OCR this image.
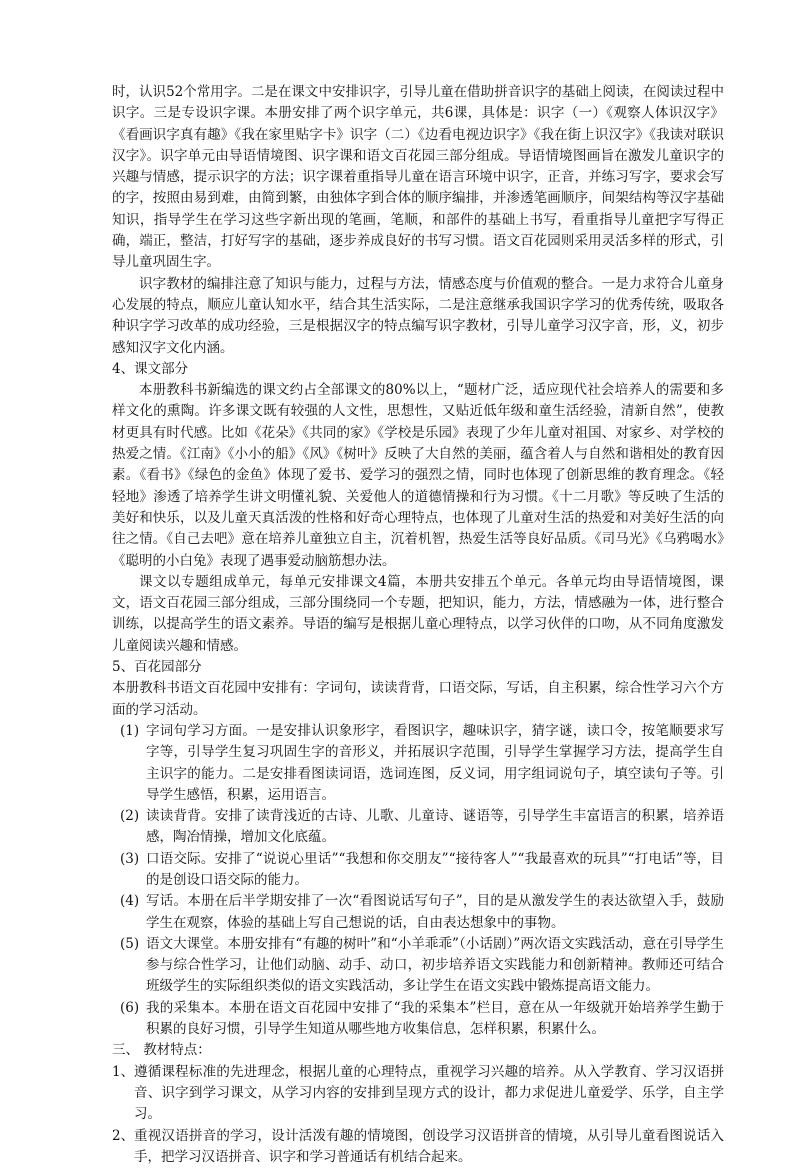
时，认识52个常用字。二是在课文中安排识字，引导儿童在借助拼音识字的基础上阅读，在阅读过程中识字。三是专设识字课。本册安排了两个识字单元，共6课，具体是：识字（一）《观察人体识汉字》《看画识字真有趣》《我在家里贴字卡》识字（二）《边看电视边识字》《我在街上识汉字》《我读对联识汉字》。识字单元由导语情境图、识字课和语文百花园三部分组成。导语情境图画旨在激发儿童识字的兴趣与情感，提示识字的方法；识字课着重指导儿童在语言环境中识字，正音，并练习写字，要求会写的字，按照由易到难，由简到繁，由独体字到合体的顺序编排，并渗透笔画顺序，间架结构等汉字基础知识，指导学生在学习这些字新出现的笔画，笔顺，和部件的基础上书写，看重指导儿童把字写得正确，端正，整洁，打好写字的基础，逐步养成良好的书写习惯。语文百花园则采用灵活多样的形式，引导儿童巩固生字。

识字教材的编排注意了知识与能力，过程与方法，情感态度与价值观的整合。一是力求符合儿童身心发展的特点，顺应儿童认知水平，结合其生活实际，二是注意继承我国识字学习的优秀传统，吸取各种识字学习改革的成功经验，三是根据汉字的特点编写识字教材，引导儿童学习汉字音，形，义，初步感知汉字文化内涵。

4、课文部分

本册教科书新编选的课文约占全部课文的80%以上，“题材广泛，适应现代社会培养人的需要和多样文化的熏陶。许多课文既有较强的人文性，思想性，又贴近低年级和童生活经验，清新自然”，使教材更具有时代感。比如《花朵》《共同的家》《学校是乐园》表现了少年儿童对祖国、对家乡、对学校的热爱之情。《江南》《小小的船》《风》《树叶》反映了大自然的美丽，蕴含着人与自然和谐相处的教育因素。《看书》《绿色的金鱼》体现了爱书、爱学习的强烈之情，同时也体现了创新思维的教育理念。《轻轻地》渗透了培养学生讲文明懂礼貌、关爱他人的道德情操和行为习惯。《十二月歌》等反映了生活的美好和快乐，以及儿童天真活泼的性格和好奇心理特点，也体现了儿童对生活的热爱和对美好生活的向往之情。《自己去吧》意在培养儿童独立自主，沉着机智，热爱生活等良好品质。《司马光》《乌鸦喝水》《聪明的小白兔》表现了遇事爱动脑筋想办法。

课文以专题组成单元，每单元安排课文4篇，本册共安排五个单元。各单元均由导语情境图，课文，语文百花园三部分组成，三部分围绕同一个专题，把知识，能力，方法，情感融为一体，进行整合训练，以提高学生的语文素养。导语的编写是根据儿童心理特点，以学习伙伴的口吻，从不同角度激发儿童阅读兴趣和情感。

5、百花园部分

本册教科书语文百花园中安排有：字词句，读读背背，口语交际，写话，自主积累，综合性学习六个方面的学习活动。

(1) 字词句学习方面。一是安排认识象形字，看图识字，趣味识字，猜字谜，读口令，按笔顺要求写字等，引导学生复习巩固生字的音形义，并拓展识字范围，引导学生掌握学习方法，提高学生自主识字的能力。二是安排看图读词语，选词连图，反义词，用字组词说句子，填空读句子等。引导学生感悟，积累，运用语言。
(2) 读读背背。安排了读背浅近的古诗、儿歌、儿童诗、谜语等，引导学生丰富语言的积累，培养语感，陶冶情操，增加文化底蕴。
(3) 口语交际。安排了“说说心里话”“我想和你交朋友”“接待客人”“我最喜欢的玩具”“打电话”等，目的是创设口语交际的能力。
(4) 写话。本册在后半学期安排了一次“看图说话写句子”，目的是从激发学生的表达欲望入手，鼓励学生在观察，体验的基础上写自己想说的话，自由表达想象中的事物。
(5) 语文大课堂。本册安排有“有趣的树叶”和“小羊乖乖”（小话剧）”两次语文实践活动，意在引导学生参与综合性学习，让他们动脑、动手、动口，初步培养语文实践能力和创新精神。教师还可结合班级学生的实际组织类似的语文实践活动，多让学生在语文实践中锻炼提高语文能力。
(6) 我的采集本。本册在语文百花园中安排了“我的采集本”栏目，意在从一年级就开始培养学生勤于积累的良好习惯，引导学生知道从哪些地方收集信息，怎样积累，积累什么。

三、 教材特点：

1、 遵循课程标准的先进理念，根据儿童的心理特点，重视学习兴趣的培养。从入学教育、学习汉语拼音、识字到学习课文，从学习内容的安排到呈现方式的设计，都力求促进儿童爱学、乐学，自主学习。
2、 重视汉语拼音的学习，设计活泼有趣的情境图，创设学习汉语拼音的情境，从引导儿童看图说话入手，把学习汉语拼音、识字和学习普通话有机结合起来。
